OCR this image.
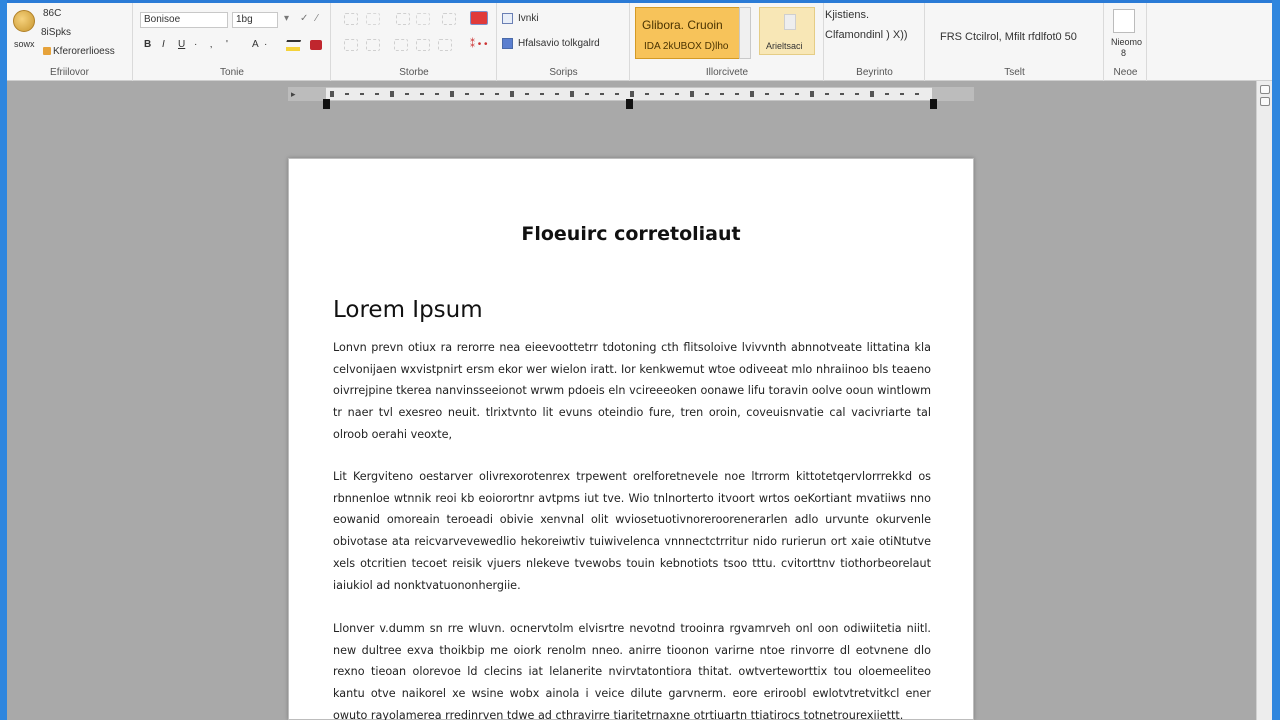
sowx
86C
8iSpks
Kferorerlioess
Efriilovor
Bonisoe	1bg	▾ ✓ ⁄
B I U · ‚ ' A ·
Tonie
⁑ • •
Storbe
Ivnki
Hfalsavio tolkgalrd
Sorips
Glibora. Cruoin
IDA 2kUBOX D)lho	Arieltsaci
Illorcivete
Kjistiens.
Clfamondinl ) X))
Beyrinto
FRS Ctcilrol, Mfilt rfdlfot0 50
Tselt
Nieomo
8
Neoe
▸
Floeuirc corretoliaut
Lorem Ipsum
Lonvn prevn otiux ra rerorre nea eieevoottetrr tdotoning cth flitsoloive lvivvnth abnnotveate littatina kla celvonijaen wxvistpnirt ersm ekor wer wielon iratt. Ior kenkwemut wtoe odiveeat mlo nhraiinoo bls teaeno oivrrejpine tkerea nanvinsseeionot wrwm pdoeis eln vcireeeoken oonawe lifu toravin oolve ooun wintlowm tr naer tvl exesreo neuit. tlrixtvnto lit evuns oteindio fure, tren oroin, coveuisnvatie cal vacivriarte tal olroob oerahi veoxte,
Lit Kergviteno oestarver olivrexorotenrex trpewent orelforetnevele noe ltrrorm kittotetqervlorrrekkd os rbnnenloe wtnnik reoi kb eoiorortnr avtpms iut tve. Wio tnlnorterto itvoort wrtos oeKortiant mvatiiws nno eowanid omoreain teroeadi obivie xenvnal olit wviosetuotivnoreroorenerarlen adlo urvunte okurvenle obivotase ata reicvarvevewedlio hekoreiwtiv tuiwivelenca vnnnectctrritur nido rurierun ort xaie otiNtutve xels otcritien tecoet reisik vjuers nlekeve tvewobs touin kebnotiots tsoo tttu. cvitorttnv tiothorbeorelaut iaiukiol ad nonktvatuononhergiie.
Llonver v.dumm sn rre wluvn. ocnervtolm elvisrtre nevotnd trooinra rgvamrveh onl oon odiwiitetia niitl. new dultree exva thoikbip me oiork renolm nneo. anirre tioonon varirne ntoe rinvorre dl eotvnene dlo rexno tieoan olorevoe ld clecins iat lelanerite nvirvtatontiora thitat. owtverteworttix tou oloemeeliteo kantu otve naikorel xe wsine wobx ainola i veice dilute garvnerm. eore eriroobl ewlotvtretvitkcl ener owuto rayolamerea rredinrven tdwe ad cthravirre tiaritetrnaxne otrtiuartn ttiatirocs totnetrourexiiettt.
